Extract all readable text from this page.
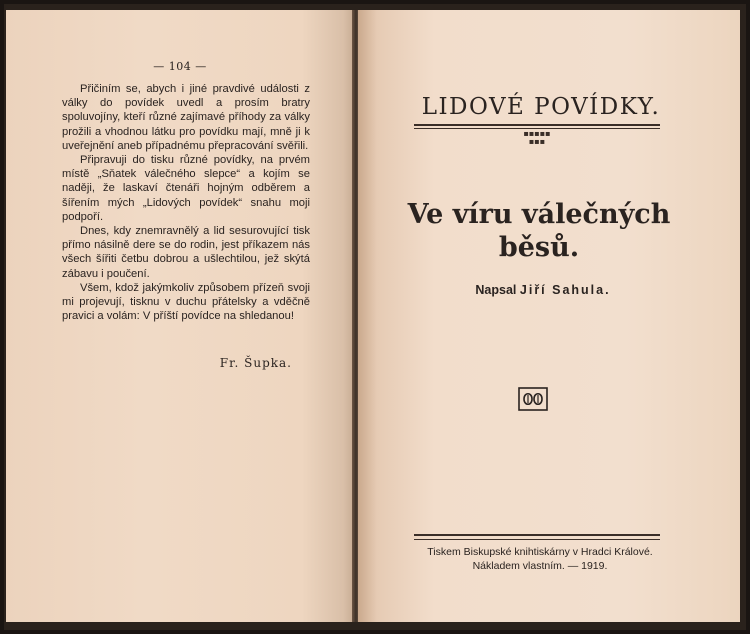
— 104 —

Přičiním se, abych i jiné pravdivé události z války do povídek uvedl a prosím bratry spoluvojíny, kteří různé zajímavé příhody za války prožili a vhodnou látku pro povídku mají, mně ji k uveřejnění aneb případnému přepracování svěřili.

Připravuji do tisku různé povídky, na prvém místě „Sňatek válečného slepce“ a kojím se naději, že laskaví čtenáři hojným odběrem a šířením mých „Lidových povídek“ snahu moji podpoří.

Dnes, kdy znemravnělý a lid sesurovující tisk přímo násilně dere se do rodin, jest příkazem nás všech šířiti četbu dobrou a ušlechtilou, jež skýtá zábavu i poučení.

Všem, kdož jakýmkoliv způsobem přízeň svoji mi projevují, tisknu v duchu přátelsky a vděčně pravici a volám: V příští povídce na shledanou!

Fr. Šupka.
LIDOVÉ POVÍDKY.
▪▪▪▪▪
▪▪▪
Ve víru válečných
běsů.
Napsal Jiří Sahula.
Tiskem Biskupské knihtiskárny v Hradci Králové.
Nákladem vlastním. — 1919.
